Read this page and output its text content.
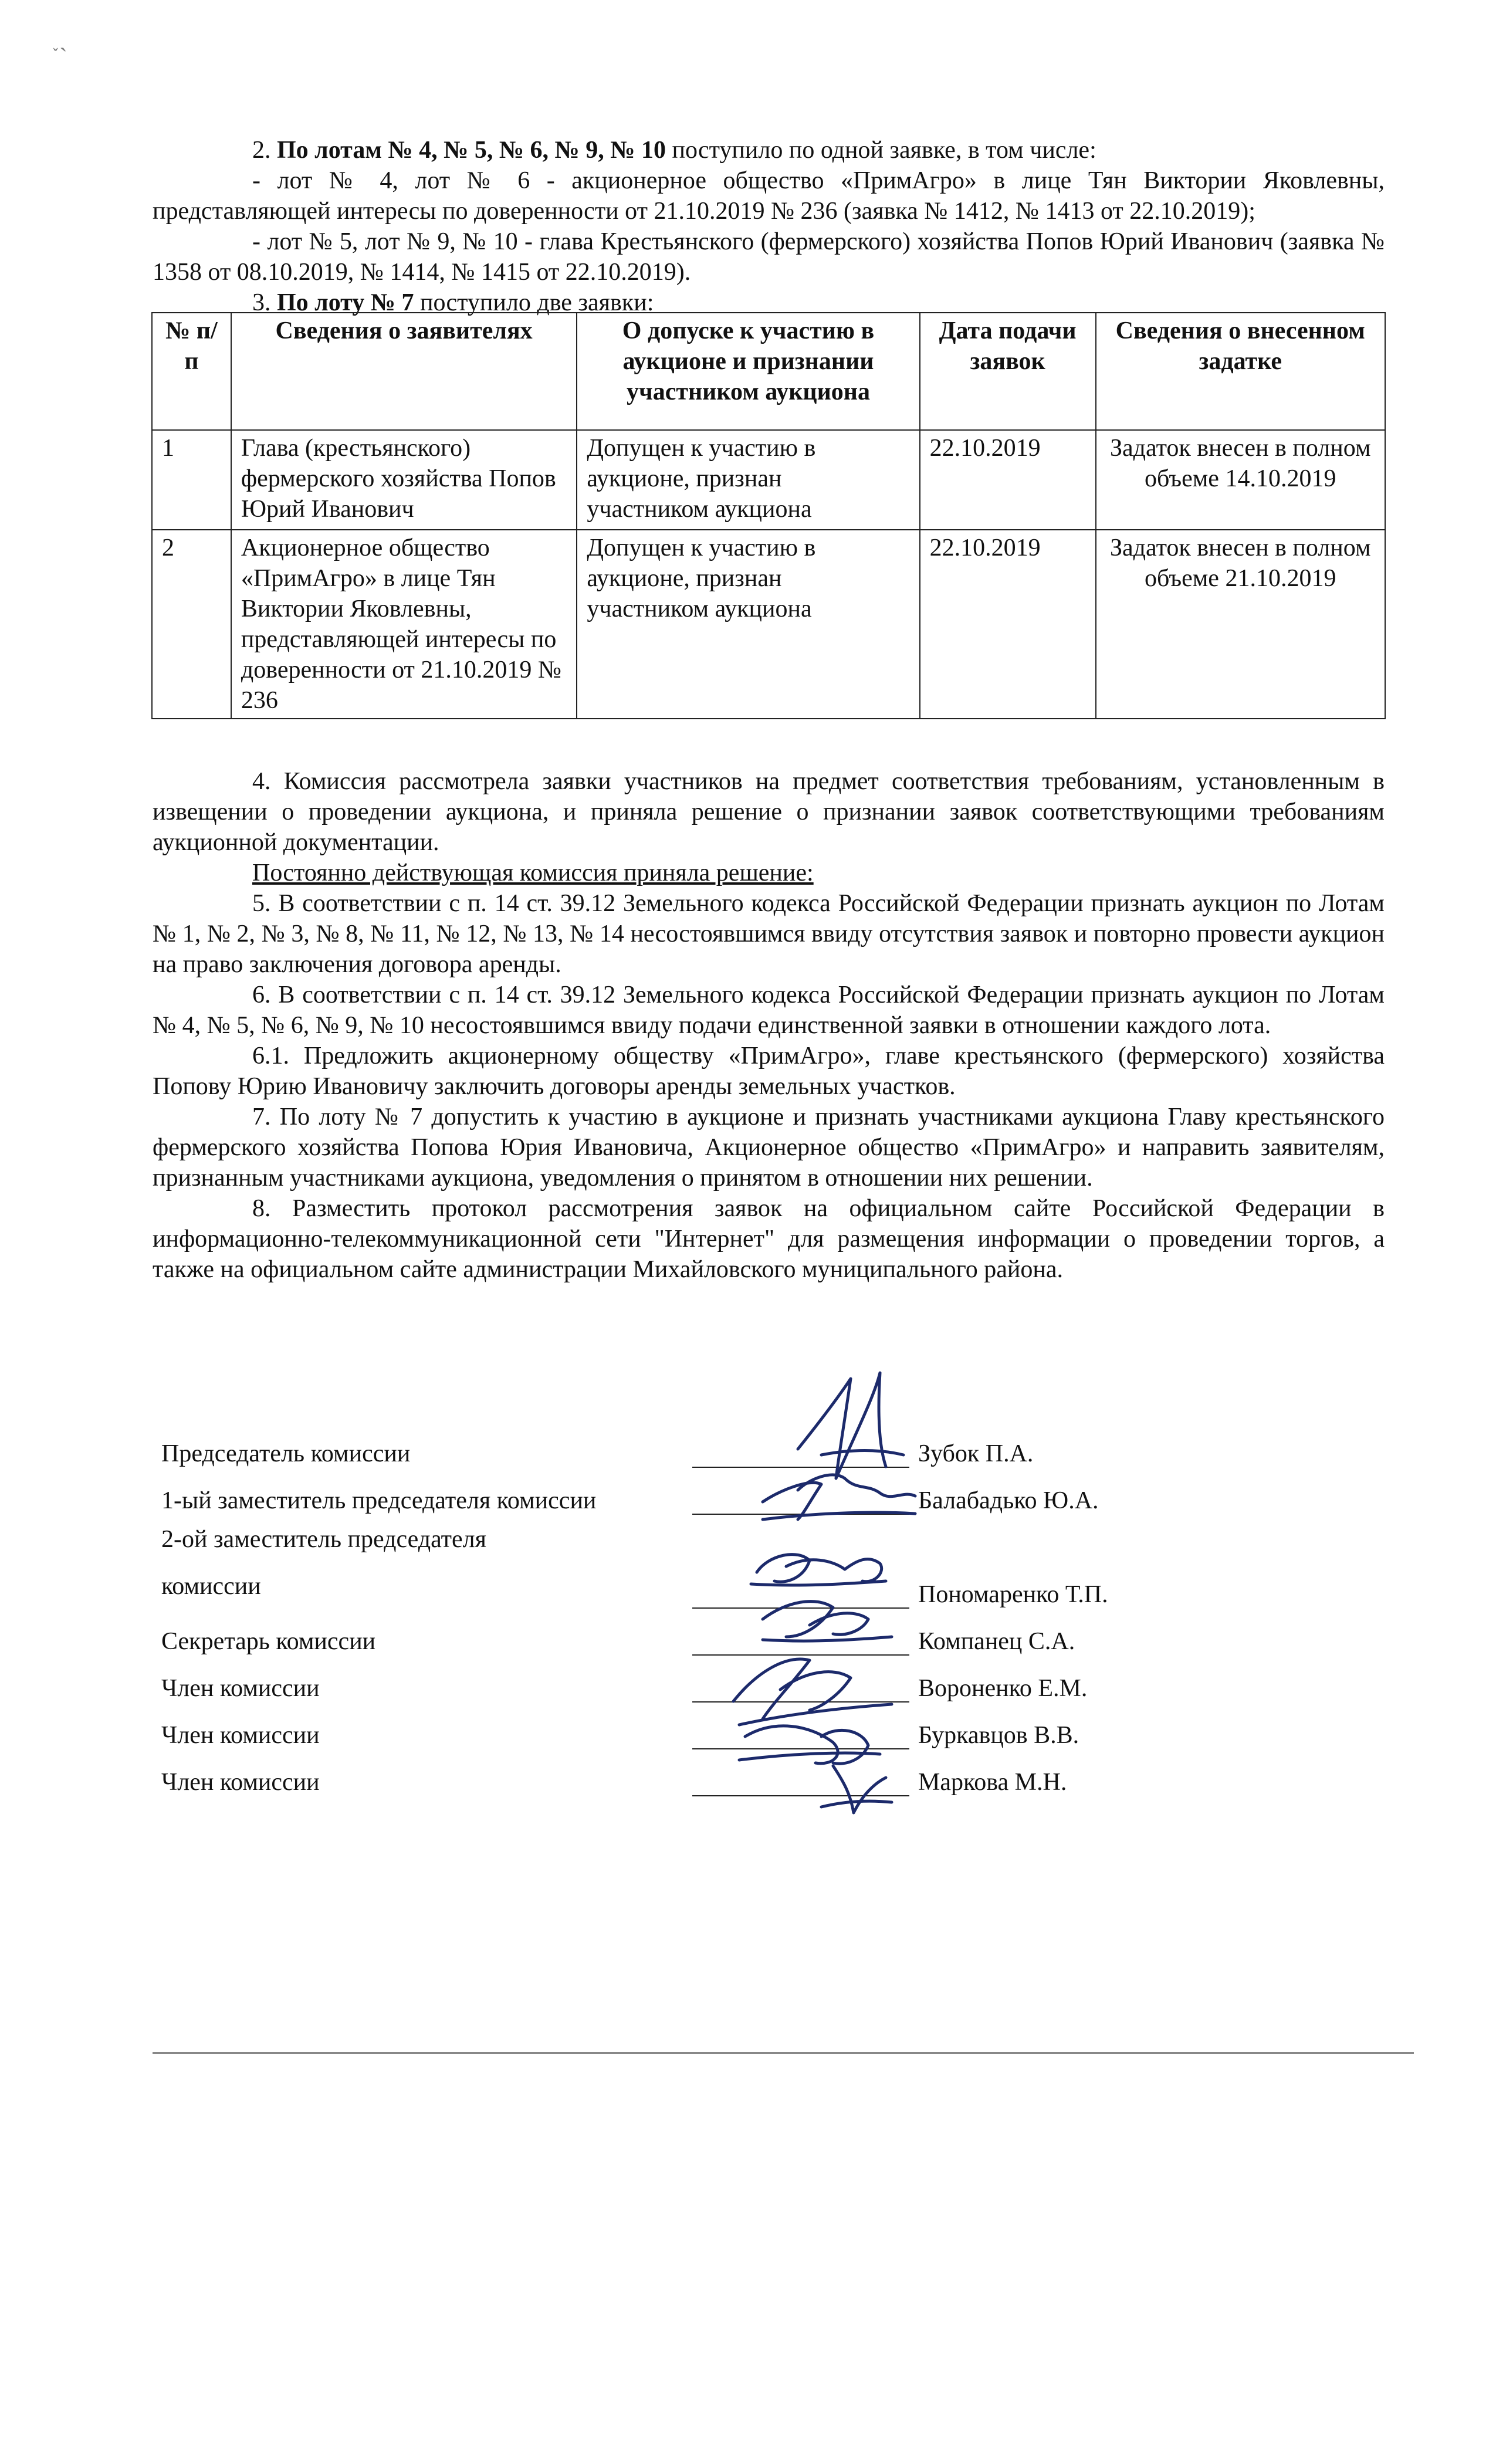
˯ˎ

2. По лотам № 4, № 5, № 6, № 9, № 10 поступило по одной заявке, в том числе:

- лот № 4, лот № 6 - акционерное общество «ПримАгро» в лице Тян Виктории Яковлевны, представляющей интересы по доверенности от 21.10.2019 № 236 (заявка № 1412, № 1413 от 22.10.2019);

- лот № 5, лот № 9, № 10 - глава Крестьянского (фермерского) хозяйства Попов Юрий Иванович (заявка № 1358 от 08.10.2019, № 1414, № 1415 от 22.10.2019).

3. По лоту № 7 поступило две заявки:

№ п/п	Сведения о заявителях	О допуске к участию в аукционе и признании участником аукциона	Дата подачи заявок	Сведения о внесенном задатке
1	Глава (крестьянского) фермерского хозяйства Попов Юрий Иванович	Допущен к участию в аукционе, признан участником аукциона	22.10.2019	Задаток внесен в полном объеме 14.10.2019
2	Акционерное общество «ПримАгро» в лице Тян Виктории Яковлевны, представляющей интересы по доверенности от 21.10.2019 № 236	Допущен к участию в аукционе, признан участником аукциона	22.10.2019	Задаток внесен в полном объеме 21.10.2019

4. Комиссия рассмотрела заявки участников на предмет соответствия требованиям, установленным в извещении о проведении аукциона, и приняла решение о признании заявок соответствующими требованиям аукционной документации.

Постоянно действующая комиссия приняла решение:

5. В соответствии с п. 14 ст. 39.12 Земельного кодекса Российской Федерации признать аукцион по Лотам № 1, № 2, № 3, № 8, № 11, № 12, № 13, № 14 несостоявшимся ввиду отсутствия заявок и повторно провести аукцион на право заключения договора аренды.

6. В соответствии с п. 14 ст. 39.12 Земельного кодекса Российской Федерации признать аукцион по Лотам № 4, № 5, № 6, № 9, № 10 несостоявшимся ввиду подачи единственной заявки в отношении каждого лота.

6.1. Предложить акционерному обществу «ПримАгро», главе крестьянского (фермерского) хозяйства Попову Юрию Ивановичу заключить договоры аренды земельных участков.

7. По лоту № 7 допустить к участию в аукционе и признать участниками аукциона Главу крестьянского фермерского хозяйства Попова Юрия Ивановича, Акционерное общество «ПримАгро» и направить заявителям, признанным участниками аукциона, уведомления о принятом в отношении них решении.

8. Разместить протокол рассмотрения заявок на официальном сайте Российской Федерации в информационно-телекоммуникационной сети "Интернет" для размещения информации о проведении торгов, а также на официальном сайте администрации Михайловского муниципального района.

Председатель комиссии	Зубок П.А.
1-ый заместитель председателя комиссии	Балабадько Ю.А.
2-ой заместитель председателя
комиссии	Пономаренко Т.П.
Секретарь комиссии	Компанец С.А.
Член комиссии	Вороненко Е.М.
Член комиссии	Буркавцов В.В.
Член комиссии	Маркова М.Н.
